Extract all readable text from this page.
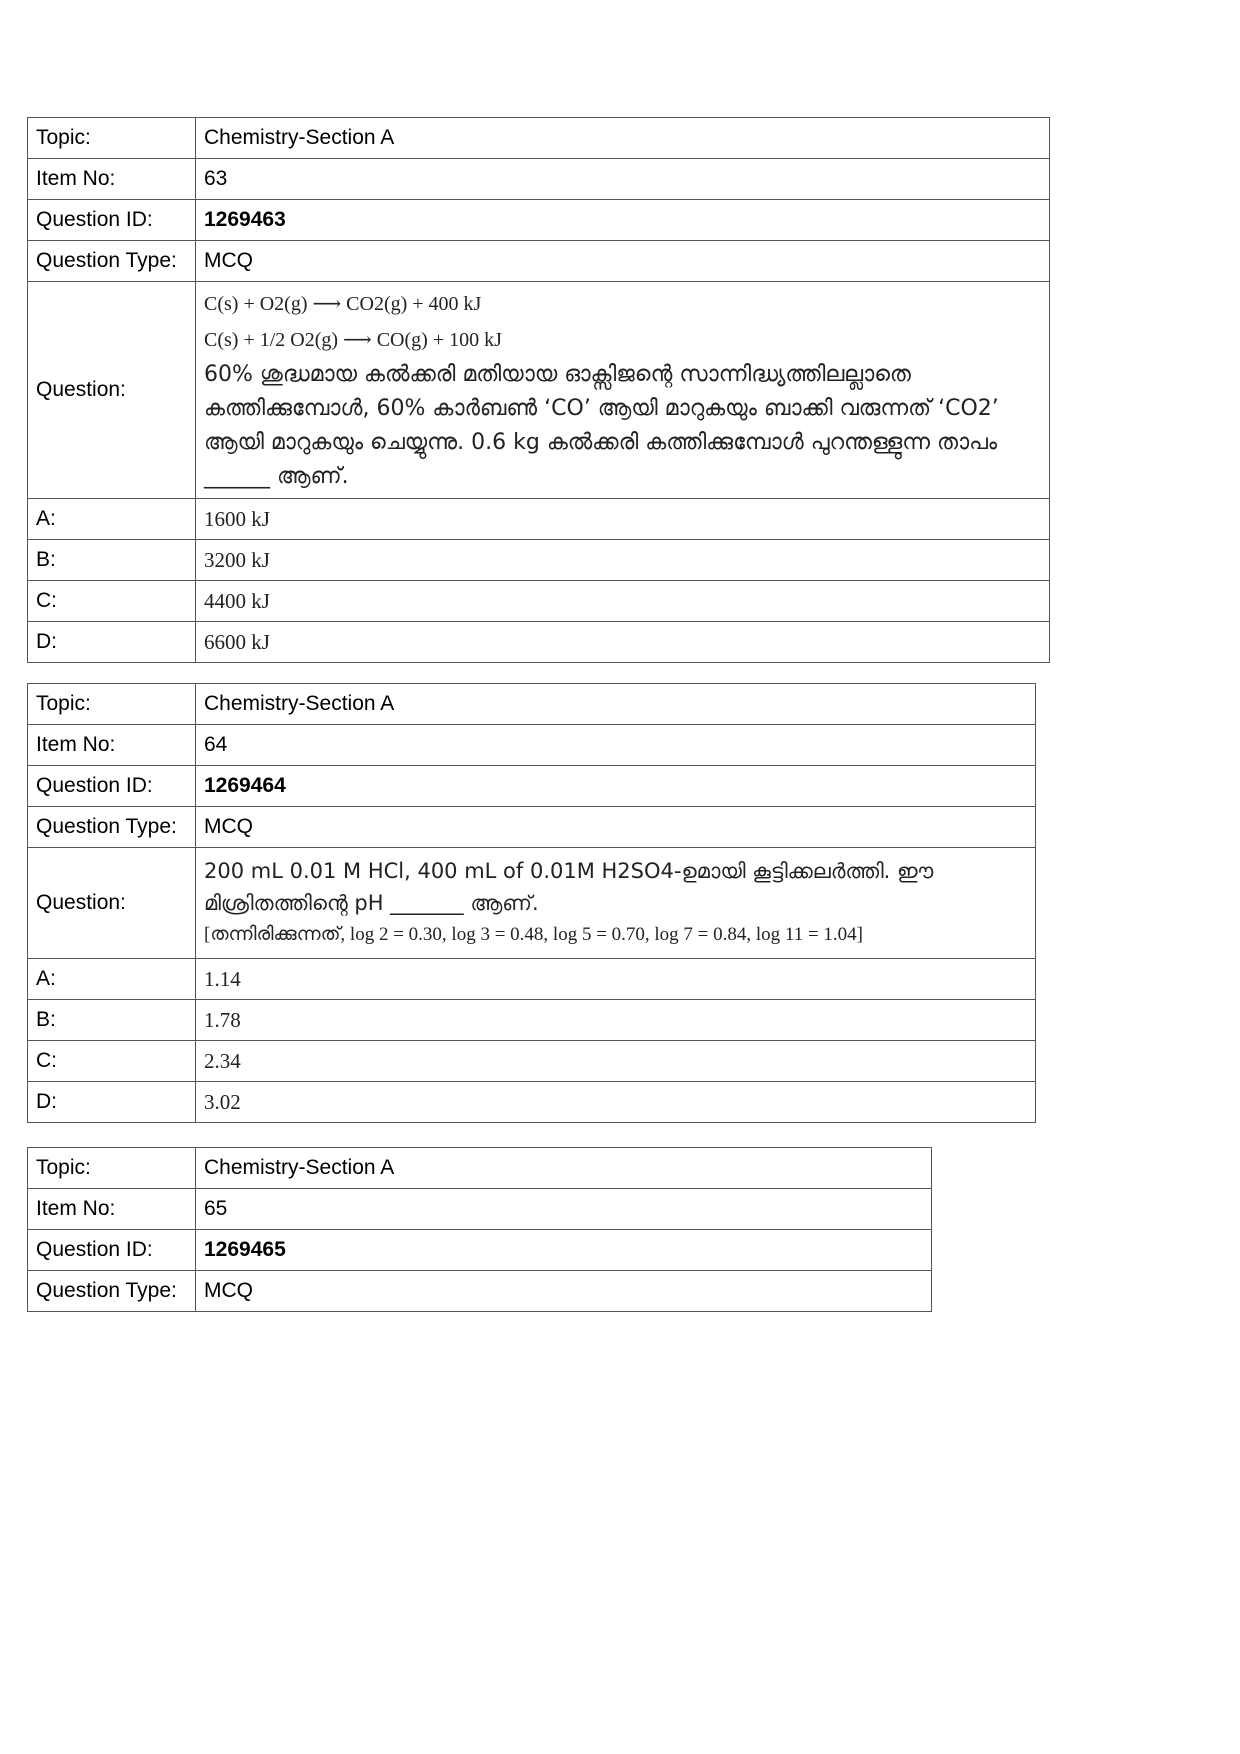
Topic:	Chemistry-Section A
Item No:	63
Question ID:	1269463
Question Type:	MCQ
Question:	C(s) + O2(g) ⟶ CO2(g) + 400 kJ
C(s) + 1/2 O2(g) ⟶ CO(g) + 100 kJ
60% ശുദ്ധമായ കൽക്കരി മതിയായ ഓക്സിജന്റെ സാന്നിദ്ധ്യത്തിലല്ലാതെ കത്തിക്കുമ്പോൾ, 60% കാർബൺ ‘CO’ ആയി മാറുകയും ബാക്കി വരുന്നത് ‘CO2’ ആയി മാറുകയും ചെയ്യുന്നു. 0.6 kg കൽക്കരി കത്തിക്കുമ്പോൾ പുറന്തള്ളുന്ന താപം ______ ആണ്.

A:	1600 kJ
B:	3200 kJ
C:	4400 kJ
D:	6600 kJ
Topic:	Chemistry-Section A
Item No:	64
Question ID:	1269464
Question Type:	MCQ
Question:	200 mL 0.01 M HCl, 400 mL of 0.01M H2SO4-ഉമായി കൂട്ടിക്കലർത്തി. ഈ മിശ്രിതത്തിന്റെ pH _______ ആണ്.
[തന്നിരിക്കുന്നത്, log 2 = 0.30, log 3 = 0.48, log 5 = 0.70, log 7 = 0.84, log 11 = 1.04]

A:	1.14
B:	1.78
C:	2.34
D:	3.02
Topic:	Chemistry-Section A
Item No:	65
Question ID:	1269465
Question Type:	MCQ
